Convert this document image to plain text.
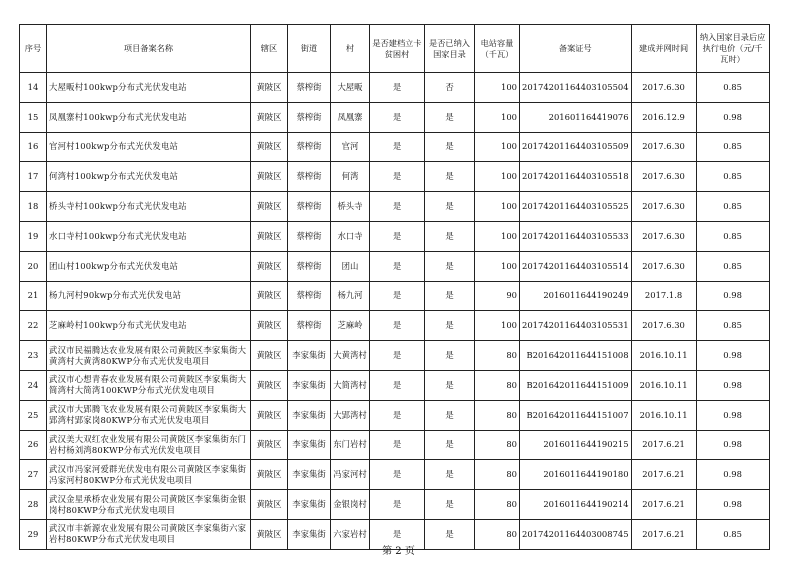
序号	项目备案名称	辖区	街道	村	是否建档立卡贫困村	是否已纳入国家目录	电站容量（千瓦）	备案证号	建成并网时间	纳入国家目录后应执行电价（元/千瓦时）
14	大屋畈村100kwp分布式光伏发电站	黄陂区	蔡榨街	大屋畈	是	否	100	20174201164403105504	2017.6.30	0.85
15	凤凰寨村100kwp分布式光伏发电站	黄陂区	蔡榨街	凤凰寨	是	是	100	201601164419076	2016.12.9	0.98
16	官河村100kwp分布式光伏发电站	黄陂区	蔡榨街	官河	是	是	100	20174201164403105509	2017.6.30	0.85
17	何湾村100kwp分布式光伏发电站	黄陂区	蔡榨街	何湾	是	是	100	20174201164403105518	2017.6.30	0.85
18	桥头寺村100kwp分布式光伏发电站	黄陂区	蔡榨街	桥头寺	是	是	100	20174201164403105525	2017.6.30	0.85
19	水口寺村100kwp分布式光伏发电站	黄陂区	蔡榨街	水口寺	是	是	100	20174201164403105533	2017.6.30	0.85
20	团山村100kwp分布式光伏发电站	黄陂区	蔡榨街	团山	是	是	100	20174201164403105514	2017.6.30	0.85
21	杨九河村90kwp分布式光伏发电站	黄陂区	蔡榨街	杨九河	是	是	90	2016011644190249	2017.1.8	0.98
22	芝麻岭村100kwp分布式光伏发电站	黄陂区	蔡榨街	芝麻岭	是	是	100	20174201164403105531	2017.6.30	0.85
23	武汉市民福腾达农业发展有限公司黄陂区李家集街大黄湾村大黄湾80KWP分布式光伏发电项目	黄陂区	李家集街	大黄湾村	是	是	80	B201642011644151008	2016.10.11	0.98
24	武汉市心想青春农业发展有限公司黄陂区李家集街大简湾村大简湾100KWP分布式光伏发电项目	黄陂区	李家集街	大简湾村	是	是	80	B201642011644151009	2016.10.11	0.98
25	武汉市大郢腾飞农业发展有限公司黄陂区李家集街大郢湾村郢家岗80KWP分布式光伏发电项目	黄陂区	李家集街	大郢湾村	是	是	80	B201642011644151007	2016.10.11	0.98
26	武汉美大双红农业发展有限公司黄陂区李家集街东门岩村杨刘湾80KWP分布式光伏发电项目	黄陂区	李家集街	东门岩村	是	是	80	2016011644190215	2017.6.21	0.98
27	武汉市冯家河爱群光伏发电有限公司黄陂区李家集街冯家河村80KWP分布式光伏发电项目	黄陂区	李家集街	冯家河村	是	是	80	2016011644190180	2017.6.21	0.98
28	武汉金星承桥农业发展有限公司黄陂区李家集街金银岗村80KWP分布式光伏发电项目	黄陂区	李家集街	金银岗村	是	是	80	2016011644190214	2017.6.21	0.98
29	武汉市丰新源农业发展有限公司黄陂区李家集街六家岩村80KWP分布式光伏发电项目	黄陂区	李家集街	六家岩村	是	是	80	20174201164403008745	2017.6.21	0.85
第 2 页
